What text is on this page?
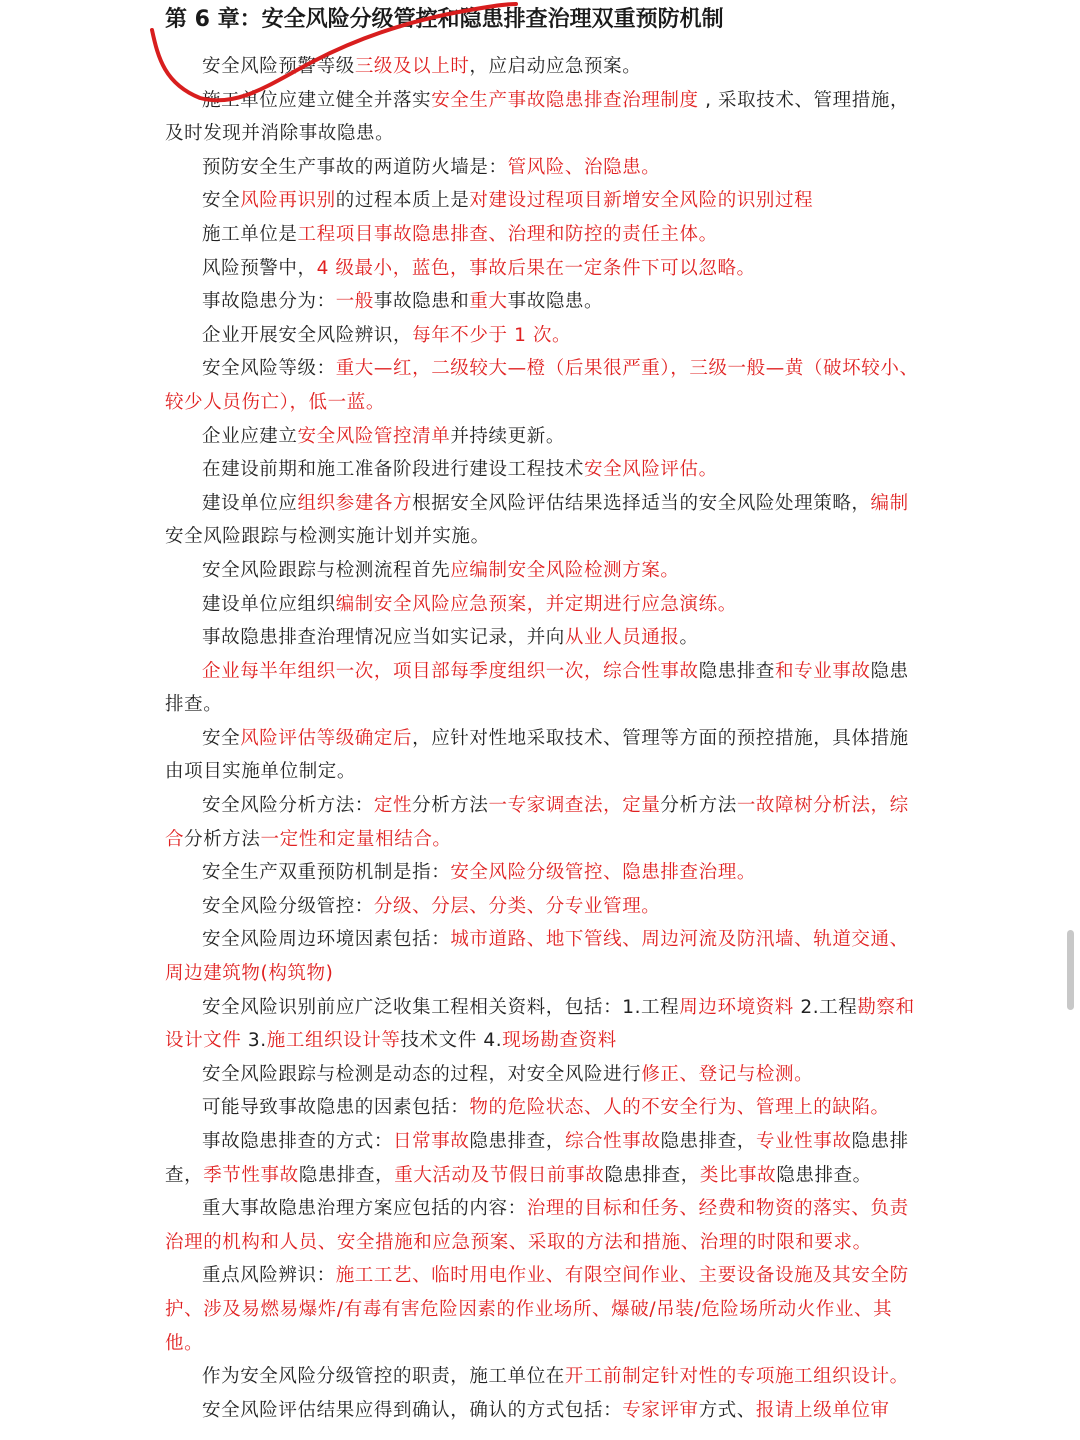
第 6 章：安全风险分级管控和隐患排查治理双重预防机制

安全风险预警等级三级及以上时，应启动应急预案。

施工单位应建立健全并落实安全生产事故隐患排查治理制度 , 采取技术、管理措施，及时发现并消除事故隐患。

预防安全生产事故的两道防火墙是：管风险、治隐患。

安全风险再识别的过程本质上是对建设过程项目新增安全风险的识别过程

施工单位是工程项目事故隐患排查、治理和防控的责任主体。

风险预警中，4 级最小，蓝色，事故后果在一定条件下可以忽略。

事故隐患分为：一般事故隐患和重大事故隐患。

企业开展安全风险辨识，每年不少于 1 次。

安全风险等级：重大—红，二级较大—橙（后果很严重），三级一般—黄（破坏较小、较少人员伤亡），低一蓝。

企业应建立安全风险管控清单并持续更新。

在建设前期和施工准备阶段进行建设工程技术安全风险评估。

建设单位应组织参建各方根据安全风险评估结果选择适当的安全风险处理策略，编制安全风险跟踪与检测实施计划并实施。

安全风险跟踪与检测流程首先应编制安全风险检测方案。

建设单位应组织编制安全风险应急预案，并定期进行应急演练。

事故隐患排查治理情况应当如实记录，并向从业人员通报。

企业每半年组织一次，项目部每季度组织一次，综合性事故隐患排查和专业事故隐患排查。

安全风险评估等级确定后，应针对性地采取技术、管理等方面的预控措施，具体措施由项目实施单位制定。

安全风险分析方法：定性分析方法一专家调查法，定量分析方法一故障树分析法，综合分析方法一定性和定量相结合。

安全生产双重预防机制是指：安全风险分级管控、隐患排查治理。

安全风险分级管控：分级、分层、分类、分专业管理。

安全风险周边环境因素包括：城市道路、地下管线、周边河流及防汛墙、轨道交通、周边建筑物(构筑物)

安全风险识别前应广泛收集工程相关资料，包括：1.工程周边环境资料 2.工程勘察和设计文件 3.施工组织设计等技术文件 4.现场勘查资料

安全风险跟踪与检测是动态的过程，对安全风险进行修正、登记与检测。

可能导致事故隐患的因素包括：物的危险状态、人的不安全行为、管理上的缺陷。

事故隐患排查的方式：日常事故隐患排查，综合性事故隐患排查，专业性事故隐患排查，季节性事故隐患排查，重大活动及节假日前事故隐患排查，类比事故隐患排查。

重大事故隐患治理方案应包括的内容：治理的目标和任务、经费和物资的落实、负责治理的机构和人员、安全措施和应急预案、采取的方法和措施、治理的时限和要求。

重点风险辨识：施工工艺、临时用电作业、有限空间作业、主要设备设施及其安全防护、涉及易燃易爆炸/有毒有害危险因素的作业场所、爆破/吊装/危险场所动火作业、其他。

作为安全风险分级管控的职责，施工单位在开工前制定针对性的专项施工组织设计。

安全风险评估结果应得到确认，确认的方式包括：专家评审方式、报请上级单位审
